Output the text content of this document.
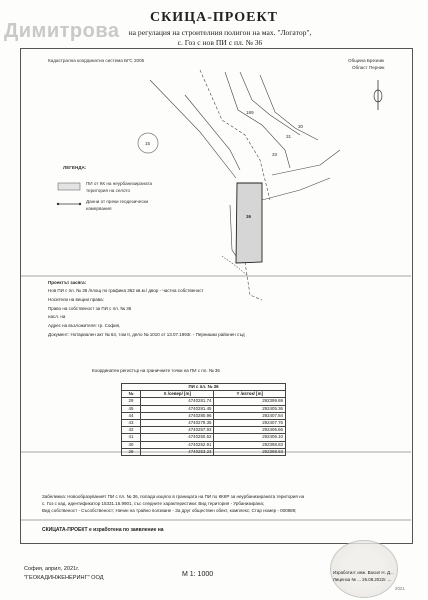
Димитрова
СКИЦА-ПРОЕКТ
на регулация на строителния полигон на мах. "Логатор",
с. Гоз с нов ПИ с пл. № 36
Кадастрална координатна система БГС 2005	Община Брезник
Област Перник
ЛЕГЕНДА:
ПИ от КК на неурбанизираната
територия на селото
Данни от преки геодезически
измервания
15
36
33
189
31
30
Проектът засяга:
Нов ПИ с пл. № 36 /площ по графика 362 кв.м./ двор - частна собственост
Носители на вещни права:
Право на собственост за ПИ с пл. № 36
насл. на
Адрес на възложителя: гр. София,
Документ: Нотариален акт № 64, том II, дело № 1010 от 13.07.1993г. - Пернишки районен съд
Координатен регистър на граничните точки на ПИ с пл. № 36
ПИ с пл. № 36		
№	X /север/ [m]	Y /изток/ [m]
29	4740281.74	292399.69
45	4740281.45	292405.36
44	4740280.96	292407.84
43	4740279.35	292407.76
42	4740257.93	292406.66
41	4740250.52	292406.10
40	4740252.91	292398.63
28	4740253.23	292398.63
Забележка: Новообразуваният ПИ с пл. № 36, попада изцяло в границата на ПИ по КККР за неурбанизираната територия на
с. Гоз с кад. идентификатор 15331.16.9901, със следните характеристики: Вид територия - Урбанизирана;
Вид собственост - Съсобственост; Начин на трайно ползване - За друг обществен обект, комплекс; Стар номер - 000889;
СКИЦАТА-ПРОЕКТ е изработена по заявление на
София, април, 2021г.
"ГЕОКАДИНЖЕНЕРИНГ" ООД	М 1: 1000	Изработил: инж. Васил Н. Д...
Лиценза № ... 26.08.2022г. ...
2021
